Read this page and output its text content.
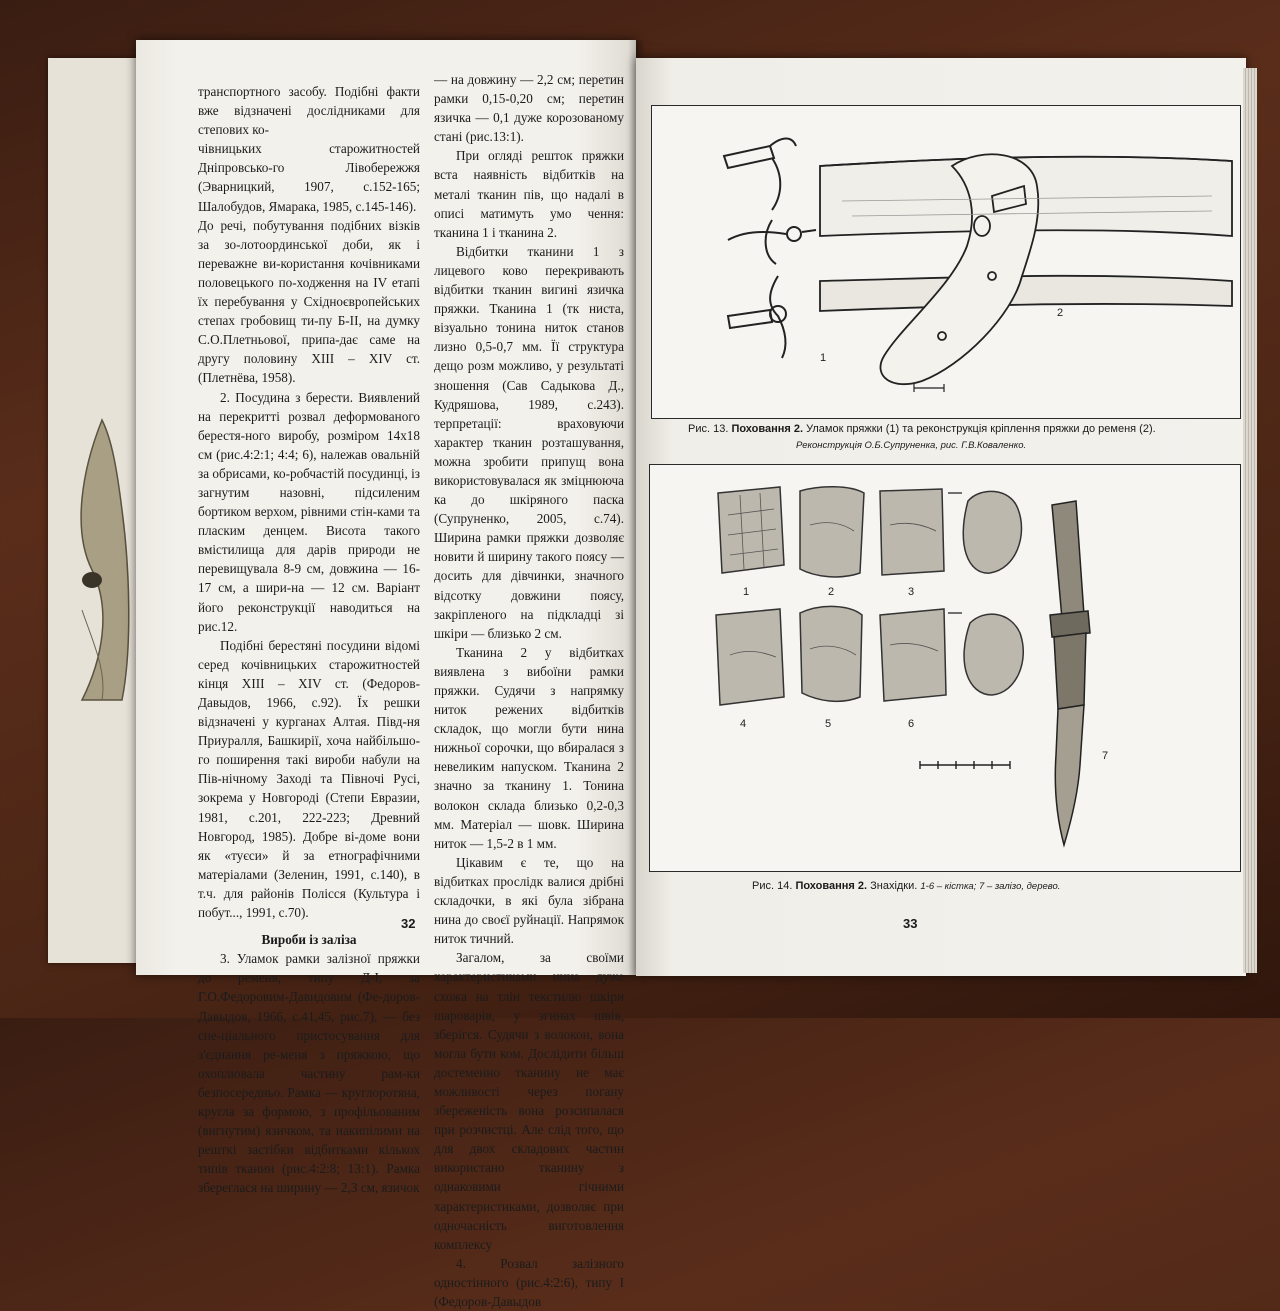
транспортного засобу. Подібні факти вже відзначені дослідниками для степових ко-

чівницьких старожитностей Дніпровсько-го Лівобережжя (Эварницкий, 1907, с.152-165; Шалобудов, Ямарака, 1985, с.145-146).

До речі, побутування подібних візків за зо-лотоординської доби, як і переважне ви-користання кочівниками половецького по-ходження на IV етапі їх перебування у Східноєвропейських степах гробовищ ти-пу Б-ІІ, на думку С.О.Плетньової, припа-дає саме на другу половину XIII – XIV ст. (Плетнёва, 1958).

2. Посудина з берести. Виявлений на перекритті розвал деформованого берестя-ного виробу, розміром 14х18 см (рис.4:2:1; 4:4; 6), належав овальній за обрисами, ко-робчастій посудинці, із загнутим назовні, підсиленим бортиком верхом, рівними стін-ками та пласким денцем. Висота такого вмістилища для дарів природи не перевищувала 8-9 см, довжина — 16-17 см, а шири-на — 12 см. Варіант його реконструкції наводиться на рис.12.

Подібні берестяні посудини відомі серед кочівницьких старожитностей кінця XIII – XIV ст. (Федоров-Давыдов, 1966, с.92). Їх решки відзначені у курганах Алтая. Півд-ня Приуралля, Башкирії, хоча найбільшо-го поширення такі вироби набули на Пів-нічному Заході та Півночі Русі, зокрема у Новгороді (Степи Евразии, 1981, с.201, 222-223; Древний Новгород, 1985). Добре ві-доме вони як «туєси» й за етнографічними матеріалами (Зеленин, 1991, с.140), в т.ч. для районів Полісся (Культура і побут..., 1991, с.70).

Вироби із заліза

3. Уламок рамки залізної пряжки до ременя, типу Д-І, за Г.О.Федоровим-Давидовим (Фе-доров-Давыдов, 1966, с.41,45, рис.7), — без спе-ціального пристосування для з'єднання ре-меня з пряжкою, що охоплювала частину рам-ки безпосередньо. Рамка — круглоротяна, кругла за формою, з профільованим (вигнутим) язичком, та накипілими на решткі застібки відбитками кількох типів тканин (рис.4:2:8; 13:1). Рамка збереглася на ширину — 2,3 см, язичок

— на довжину — 2,2 см; перетин рамки 0,15-0,20 см; перетин язичка — 0,1 дуже корозованому стані (рис.13:1).

При огляді решток пряжки вста наявність відбитків на металі тканин пів, що надалі в описі матимуть умо чення: тканина 1 і тканина 2.

Відбитки тканини 1 з лицевого ково перекривають відбитки тканин вигині язичка пряжки. Тканина 1 (тк ниста, візуально тонина ниток станов лизно 0,5-0,7 мм. Її структура дещо розм можливо, у результаті зношення (Сав Садыкова Д., Кудряшова, 1989, с.243). терпретації: враховуючи характер тканин розташування, можна зробити припущ вона використовувалася як зміцнююча ка до шкіряного паска (Супруненко, 2005, с.74). Ширина рамки пряжки дозволяє новити й ширину такого поясу — досить для дівчинки, значного відсотку довжини поясу, закріпленого на підкладці зі шкіри — близько 2 см.

Тканина 2 у відбитках виявлена з вибоїни рамки пряжки. Судячи з напрямку ниток режених відбитків складок, що могли бути нина нижньої сорочки, що вбиралася з невеликим напуском. Тканина 2 значно за тканину 1. Тонина волокон склада близько 0,2-0,3 мм. Матеріал — шовк. Ширина ниток — 1,5-2 в 1 мм.

Цікавим є те, що на відбитках прослідк валися дрібні складочки, в які була зібрана нина до своєї руйнації. Напрямок ниток тичний.

Загалом, за своїми характеристиками нина дуже схожа на тлін текстилю шкіри шароварів, у згинах швів, зберігся. Судячи з волокон, вона могла бути ком. Дослідити більш достеменно тканину не має можливості через погану збереженість вона розсипалася при розчистці. Але слід того, що для двох складових частин використано тканину з однаковими гічними характеристиками, дозволяє при одночасність виготовлення комплексу

4. Розвал залізного одностінного (рис.4:2:6), типу І (Федоров-Давыдов

32
1
2
Рис. 13. Поховання 2. Уламок пряжки (1) та реконструкція кріплення пряжки до ременя (2).
Реконструкція О.Б.Супруненка, рис. Г.В.Коваленко.
1	2	3
4	5	6
7
Рис. 14. Поховання 2. Знахідки. 1-6 – кістка; 7 – залізо, дерево.
33
